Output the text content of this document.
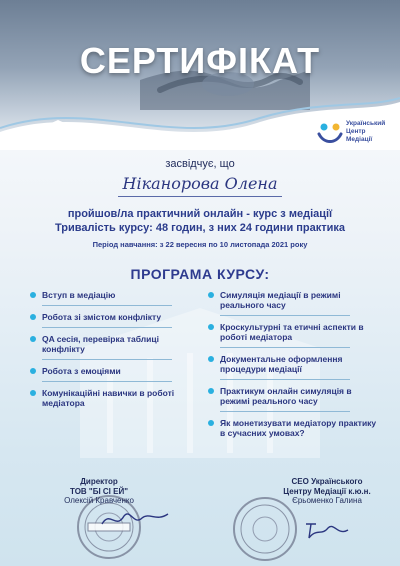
СЕРТИФІКАТ
BUSINESS
CONSULTING
ACADEMY
Український
Центр
Медіації
засвідчує, що
Ніканорова Олена
пройшов/ла практичний онлайн - курс з медіації
Тривалість курсу: 48 годин, з них 24 години практика
Період навчання: з 22 вересня по 10 листопада 2021 року
ПРОГРАМА КУРСУ:
Вступ в медіацію
Робота зі змістом конфлікту
QA сесія, перевірка таблиці конфлікту
Робота з емоціями
Комунікаційні навички в роботі медіатора
Симуляція медіації в режимі реального часу
Кроскультурні та етичні аспекти в роботі медіатора
Документальне оформлення процедури медіації
Практикум онлайн симуляція в режимі реального часу
Як монетизувати медіатору практику в сучасних умовах?
Директор
ТОВ "БІ СІ ЕЙ"
Олексій Кравченко
CEO Українського
Центру Медіації к.ю.н.
Єрьоменко Галина
